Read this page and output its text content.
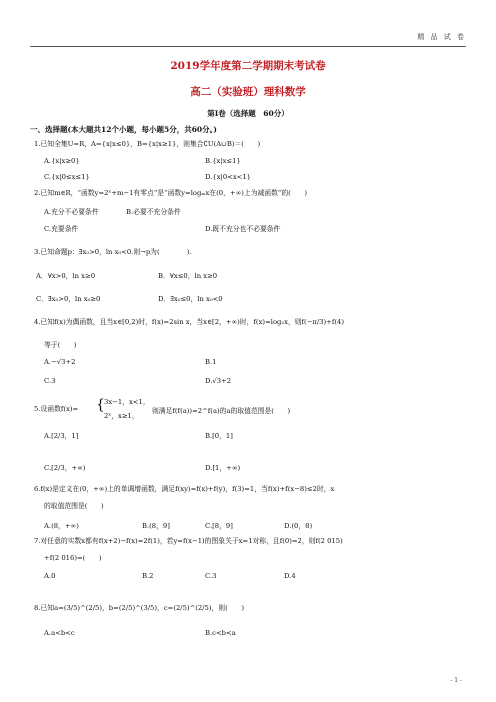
精 品 试 卷
2019学年度第二学期期末考试卷
高二（实验班）理科数学
第Ⅰ卷（选择题　60分）
一、选择题(本大题共12个小题，每小题5分，共60分。)
1.已知全集U=R，A={x|x≤0}，B={x|x≥1}，则集合∁U(A∪B)＝(　　)
A.{x|x≥0}	B.{x|x≤1}
C.{x|0≤x≤1}	D.{x|0<x<1}
2.已知m∈R，“函数y=2ˣ+m−1有零点”是“函数y=logₘx在(0，+∞)上为减函数”的(　　)
A.充分不必要条件	B.必要不充分条件
C.充要条件	D.既不充分也不必要条件
3.已知命题p：∃x₀>0，ln x₀<0.则¬p为(　　　　).
A．∀x>0，ln x≥0	B．∀x≤0，ln x≥0
C．∃x₀>0，ln x₀≥0	D．∃x₀≤0，ln x₀<0
4.已知f(x)为偶函数，且当x∈[0,2)时，f(x)=2sin x，当x∈[2，+∞)时，f(x)=log₂x，则f(−π/3)+f(4)
等于(　　)
A.−√3+2	B.1
C.3	D.√3+2
5.设函数f(x)= { 3x−1，x<1，
2ˣ，x≥1，
则满足f(f(a))=2^f(a)的a的取值范围是(　　)
A.[2/3，1]	B.[0，1]
C.[2/3，+∞)	D.[1，+∞)
6.f(x)是定义在(0，+∞)上的单调增函数，满足f(xy)=f(x)+f(y)，f(3)=1，当f(x)+f(x−8)≤2时，x
的取值范围是(　　)
A.(8，+∞)	B.(8，9]	C.[8，9]	D.(0，8)
7.对任意的实数x都有f(x+2)−f(x)=2f(1)，若y=f(x−1)的图象关于x=1对称，且f(0)=2，则f(2 015)
+f(2 016)=(　　)
A.0	B.2	C.3	D.4
8.已知a=(3/5)^(2/5)，b=(2/5)^(3/5)，c=(2/5)^(2/5)，则(　　)
A.a<b<c	B.c<b<a
- 1 -
